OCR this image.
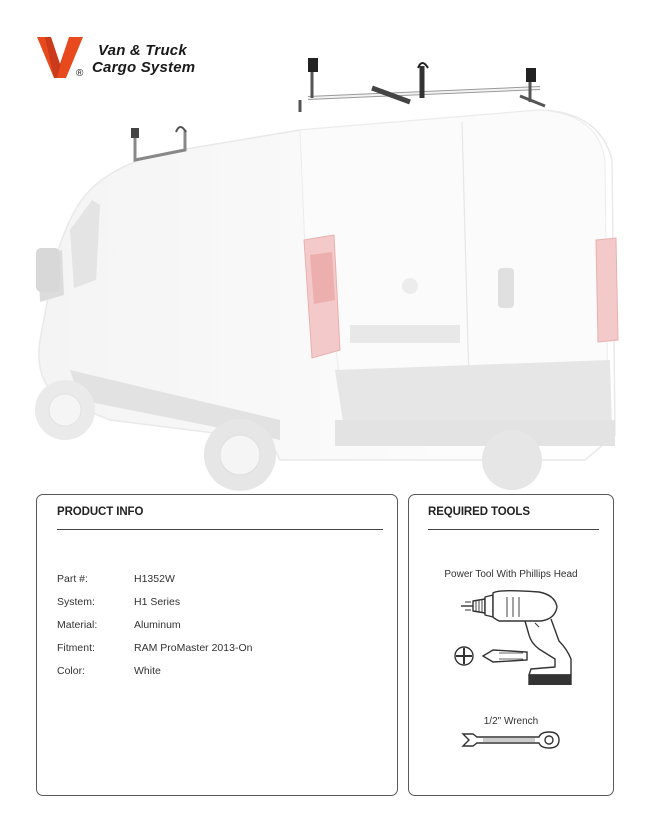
®
Van & Truck
Cargo System
PRODUCT INFO
Part #:	H1352W
System:	H1 Series
Material:	Aluminum
Fitment:	RAM ProMaster 2013-On
Color:	White
REQUIRED TOOLS
Power Tool With Phillips Head
1/2" Wrench
